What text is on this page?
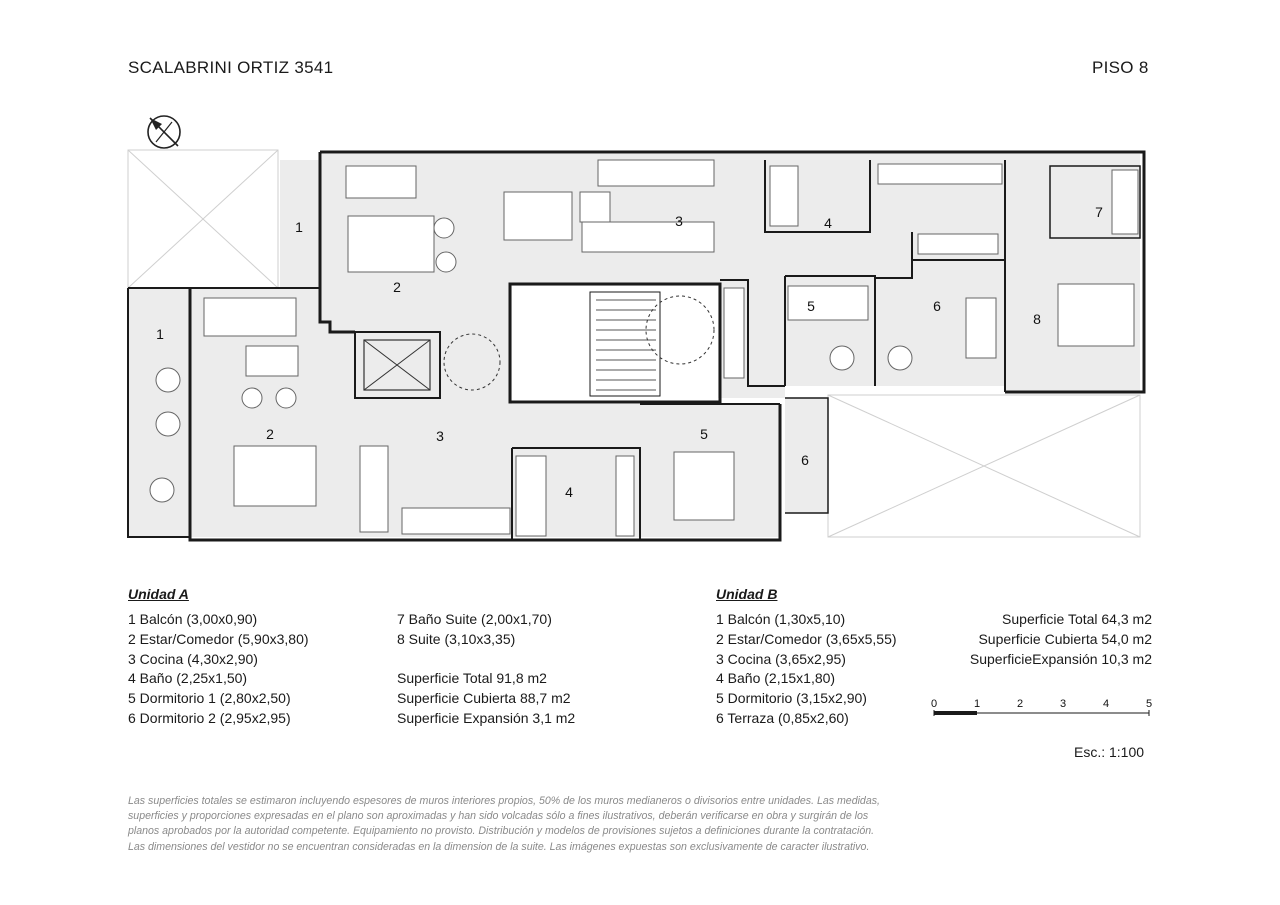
SCALABRINI ORTIZ 3541	PISO 8
1
2
3	4
5	6
7
8
1
2	3
4
5
6
Unidad A
1 Balcón (3,00x0,90)
2 Estar/Comedor (5,90x3,80)
3 Cocina (4,30x2,90)
4 Baño (2,25x1,50)
5 Dormitorio 1 (2,80x2,50)
6 Dormitorio 2 (2,95x2,95)
7 Baño Suite (2,00x1,70)
8 Suite (3,10x3,35)
Superficie Total 91,8 m2
Superficie Cubierta 88,7 m2
Superficie Expansión 3,1 m2
Unidad B
1 Balcón (1,30x5,10)
2 Estar/Comedor (3,65x5,55)
3 Cocina (3,65x2,95)
4 Baño (2,15x1,80)
5 Dormitorio (3,15x2,90)
6 Terraza (0,85x2,60)
Superficie Total 64,3 m2
Superficie Cubierta 54,0 m2
SuperficieExpansión 10,3 m2
0	1	2	3	4	5
Esc.: 1:100
Las superficies totales se estimaron incluyendo espesores de muros interiores propios, 50% de los muros medianeros o divisorios entre unidades. Las medidas,
superficies y proporciones expresadas en el plano son aproximadas y han sido volcadas sólo a fines ilustrativos, deberán verificarse en obra y surgirán de los
planos aprobados por la autoridad competente. Equipamiento no provisto. Distribución y modelos de provisiones sujetos a definiciones durante la contratación.
Las dimensiones del vestidor no se encuentran consideradas en la dimension de la suite. Las imágenes expuestas son exclusivamente de caracter ilustrativo.
